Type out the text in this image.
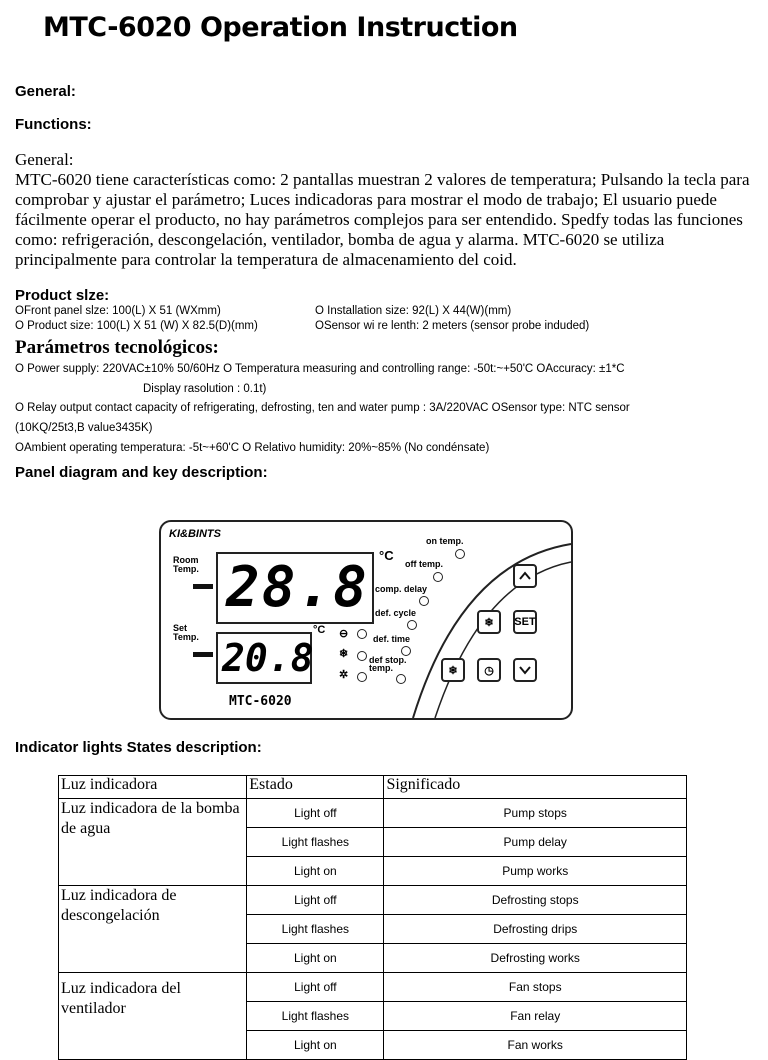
MTC-6020 Operation Instruction
General:
Functions:
General:
MTC-6020 tiene características como: 2 pantallas muestran 2 valores de temperatura; Pulsando la tecla para comprobar y ajustar el parámetro; Luces indicadoras para mostrar el modo de trabajo; El usuario puede fácilmente operar el producto, no hay parámetros complejos para ser entendido. Spedfy todas las funciones como: refrigeración, descongelación, ventilador, bomba de agua y alarma. MTC-6020 se utiliza principalmente para controlar la temperatura de almacenamiento del coid.
Product slze:
OFront panel slze: 100(L) X 51 (WXmm)	O Installation size: 92(L) X 44(W)(mm)
O Product size: 100(L) X 51 (W) X 82.5(D)(mm)	OSensor wi re lenth: 2 meters (sensor probe induded)
Parámetros tecnológicos:
O Power supply: 220VAC±10% 50/60Hz O Temperatura measuring and controlling range: -50t:~+50'C OAccuracy: ±1*C
Display rasolution : 0.1t)
O Relay output contact capacity of refrigerating, defrosting, ten and water pump : 3A/220VAC OSensor type: NTC sensor
(10KQ/25t3,B value3435K)
OAmbient operating temperatura: -5t~+60'C O Relativo humidity: 20%~85% (No condénsate)
Panel diagram and key description:
KI&BINTS
Room
Temp. 28.8 °C
Set
Temp. 20.8
°C
MTC-6020
⊖
❄
✲
on temp.
off temp.
comp. delay
def. cycle
def. time
def stop.
temp.
❄ SET
❄ ◷
Indicator lights States description:
Luz indicadora	Estado	Significado
Luz indicadora de la bomba de agua	Light off	Pump stops
	Light flashes	Pump delay
	Light on	Pump works
Luz indicadora de descongelación	Light off	Defrosting stops
	Light flashes	Defrosting drips
	Light on	Defrosting works
Luz indicadora del ventilador	Light off	Fan stops
	Light flashes	Fan relay
	Light on	Fan works
